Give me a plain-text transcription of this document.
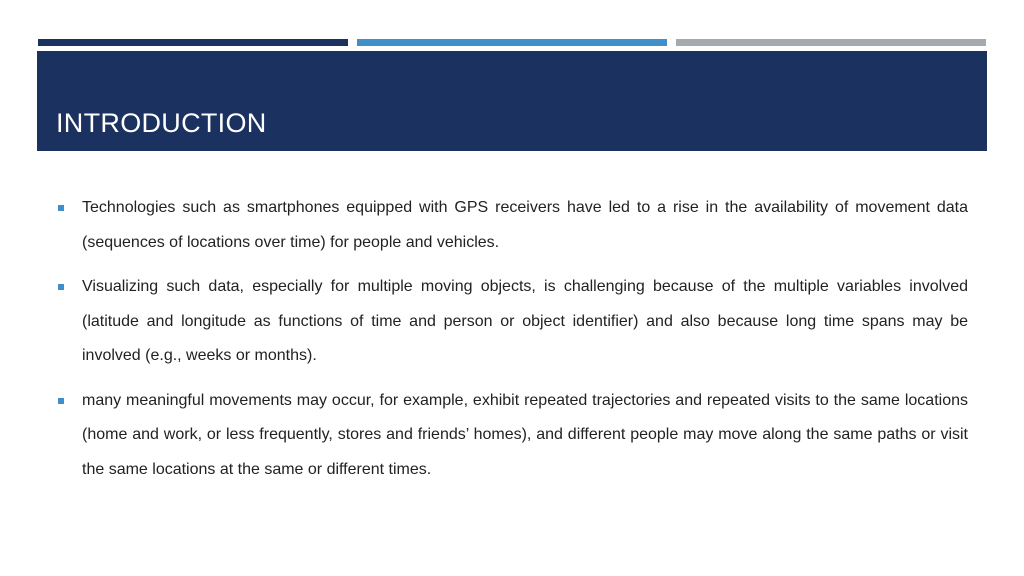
INTRODUCTION
Technologies such as smartphones equipped with GPS receivers have led to a rise in the availability of movement data (sequences of locations over time) for people and vehicles.
Visualizing such data, especially for multiple moving objects, is challenging because of the multiple variables involved (latitude and longitude as functions of time and person or object identifier) and also because long time spans may be involved (e.g., weeks or months).
many meaningful movements may occur, for example, exhibit repeated trajectories and repeated visits to the same locations (home and work, or less frequently, stores and friends’ homes), and different people may move along the same paths or visit the same locations at the same or different times.
